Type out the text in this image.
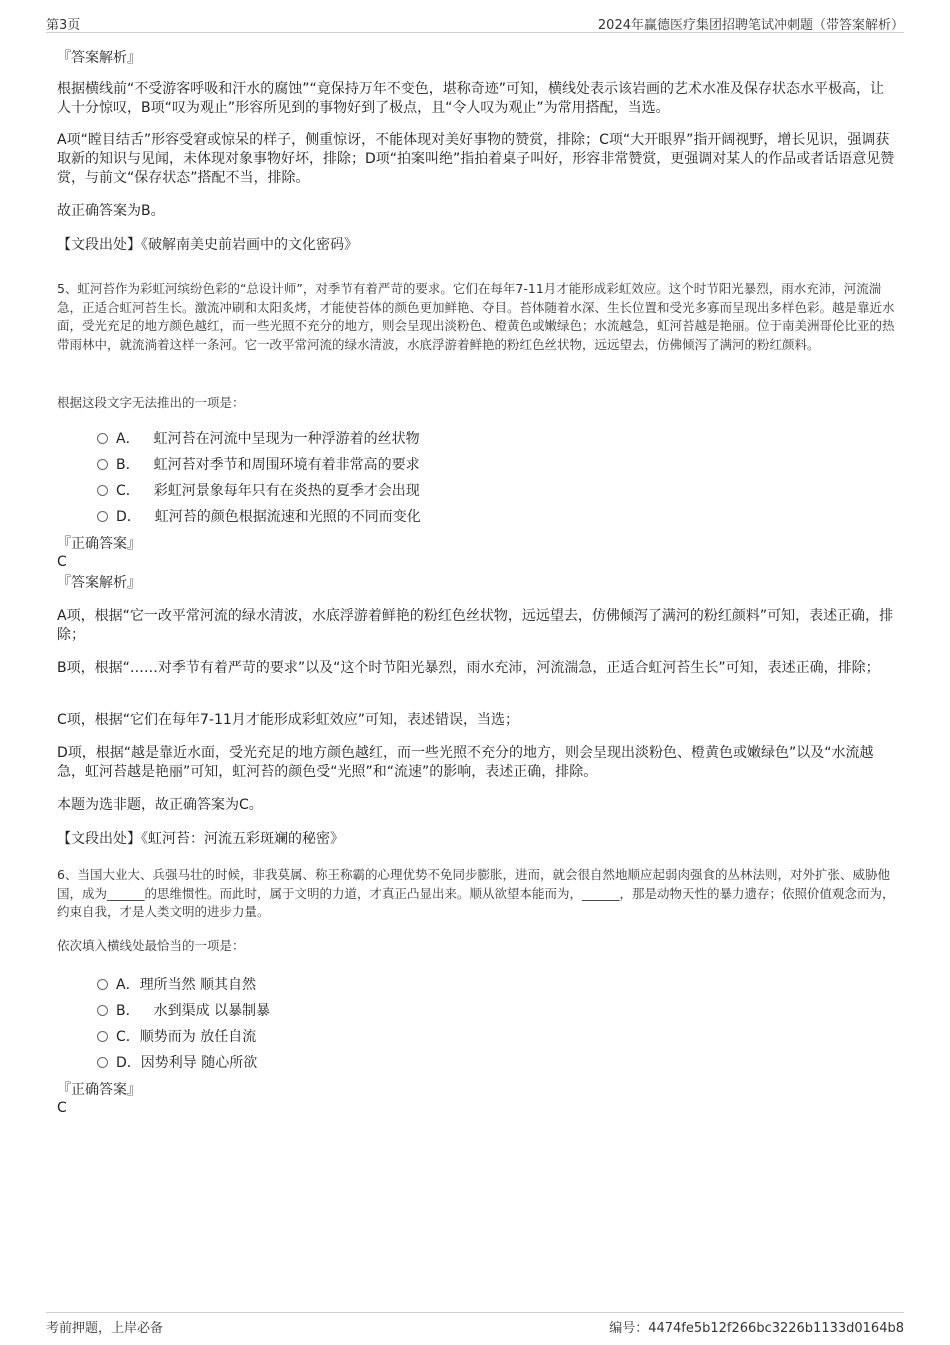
第3页	2024年赢德医疗集团招聘笔试冲刺题（带答案解析）

『答案解析』

根据横线前“不受游客呼吸和汗水的腐蚀”“竟保持万年不变色，堪称奇迹”可知，横线处表示该岩画的艺术水准及保存状态水平极高，让人十分惊叹，B项“叹为观止”形容所见到的事物好到了极点，且“令人叹为观止”为常用搭配，当选。

A项“瞠目结舌”形容受窘或惊呆的样子，侧重惊讶，不能体现对美好事物的赞赏，排除；C项“大开眼界”指开阔视野，增长见识，强调获取新的知识与见闻，未体现对象事物好坏，排除；D项“拍案叫绝”指拍着桌子叫好，形容非常赞赏，更强调对某人的作品或者话语意见赞赏，与前文“保存状态”搭配不当，排除。

故正确答案为B。

【文段出处】《破解南美史前岩画中的文化密码》

5、虹河苔作为彩虹河缤纷色彩的“总设计师”，对季节有着严苛的要求。它们在每年7-11月才能形成彩虹效应。这个时节阳光暴烈，雨水充沛，河流湍急，正适合虹河苔生长。激流冲刷和太阳炙烤，才能使苔体的颜色更加鲜艳、夺目。苔体随着水深、生长位置和受光多寡而呈现出多样色彩。越是靠近水面，受光充足的地方颜色越红，而一些光照不充分的地方，则会呈现出淡粉色、橙黄色或嫩绿色；水流越急，虹河苔越是艳丽。位于南美洲哥伦比亚的热带雨林中，就流淌着这样一条河。它一改平常河流的绿水清波，水底浮游着鲜艳的粉红色丝状物，远远望去，仿佛倾泻了满河的粉红颜料。

根据这段文字无法推出的一项是：

A． 虹河苔在河流中呈现为一种浮游着的丝状物
B． 虹河苔对季节和周围环境有着非常高的要求
C． 彩虹河景象每年只有在炎热的夏季才会出现
D． 虹河苔的颜色根据流速和光照的不同而变化

『正确答案』

C

『答案解析』

A项，根据“它一改平常河流的绿水清波，水底浮游着鲜艳的粉红色丝状物，远远望去，仿佛倾泻了满河的粉红颜料”可知，表述正确，排除；

B项，根据“……对季节有着严苛的要求”以及“这个时节阳光暴烈，雨水充沛，河流湍急，正适合虹河苔生长”可知，表述正确，排除；

C项，根据“它们在每年7-11月才能形成彩虹效应”可知，表述错误，当选；

D项，根据“越是靠近水面，受光充足的地方颜色越红，而一些光照不充分的地方，则会呈现出淡粉色、橙黄色或嫩绿色”以及“水流越急，虹河苔越是艳丽”可知，虹河苔的颜色受“光照”和“流速”的影响，表述正确，排除。

本题为选非题，故正确答案为C。

【文段出处】《虹河苔：河流五彩斑斓的秘密》

6、当国大业大、兵强马壮的时候，非我莫属、称王称霸的心理优势不免同步膨胀，进而，就会很自然地顺应起弱肉强食的丛林法则，对外扩张、威胁他国，成为______的思维惯性。而此时，属于文明的力道，才真正凸显出来。顺从欲望本能而为，______，那是动物天性的暴力遗存；依照价值观念而为，约束自我，才是人类文明的进步力量。

依次填入横线处最恰当的一项是：

A．理所当然 顺其自然
B． 水到渠成 以暴制暴
C．顺势而为 放任自流
D．因势利导 随心所欲

『正确答案』

C

考前押题，上岸必备	编号：4474fe5b12f266bc3226b1133d0164b8
